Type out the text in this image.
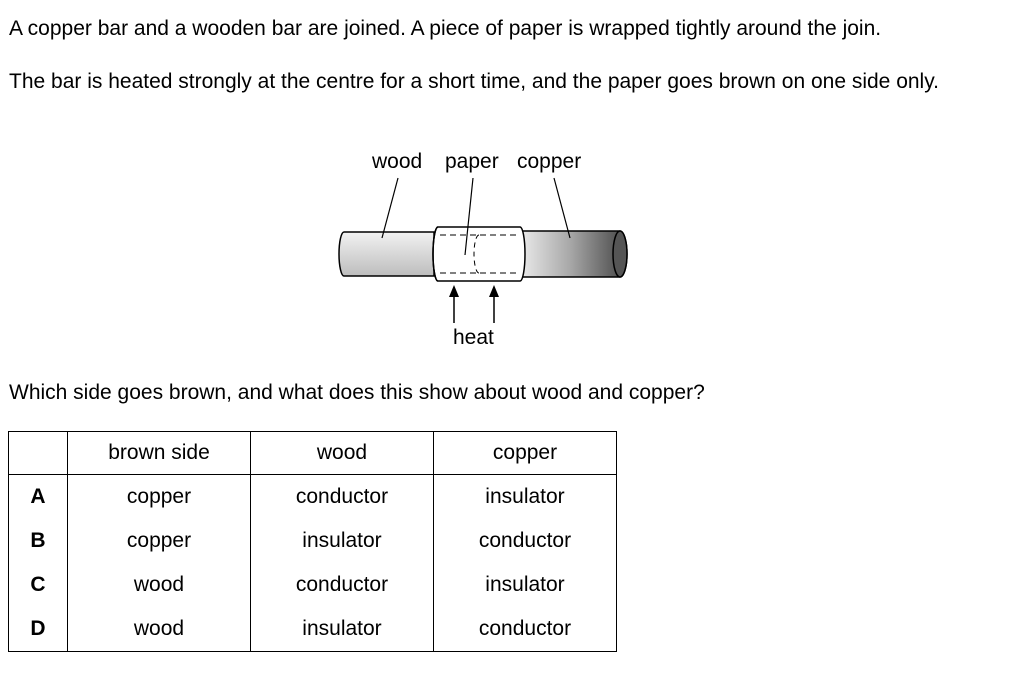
A copper bar and a wooden bar are joined. A piece of paper is wrapped tightly around the join.

The bar is heated strongly at the centre for a short time, and the paper goes brown on one side only.

wood paper copper
heat

Which side goes brown, and what does this show about wood and copper?

	brown side	wood	copper
A	copper	conductor	insulator
B	copper	insulator	conductor
C	wood	conductor	insulator
D	wood	insulator	conductor
